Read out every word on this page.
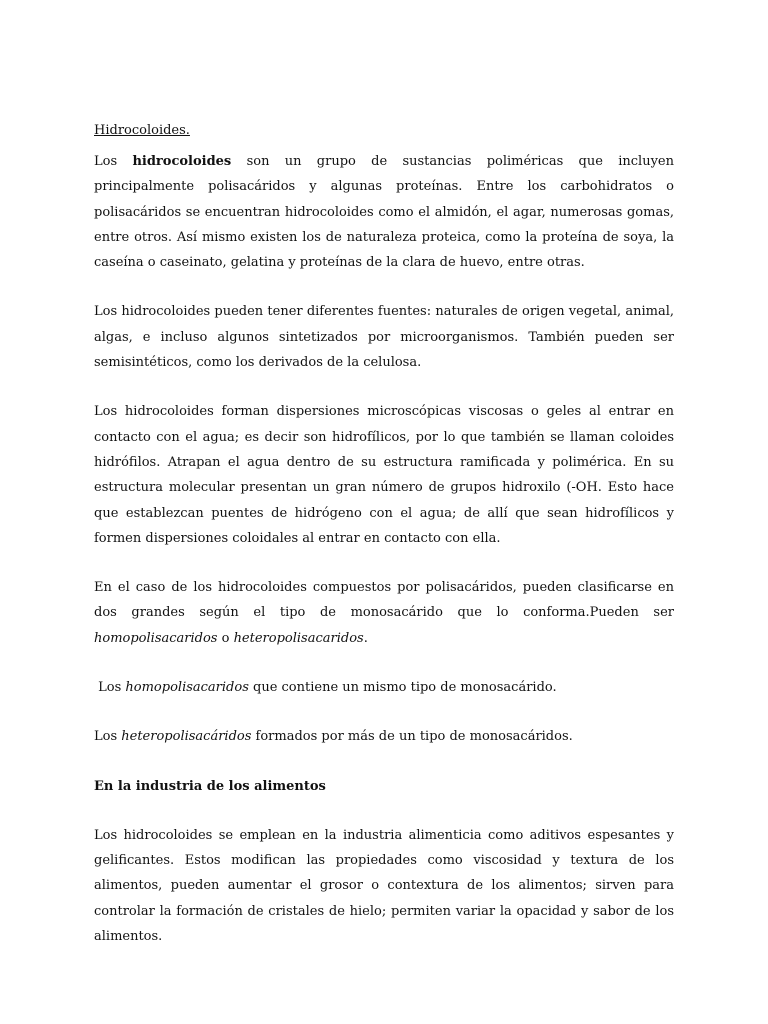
Hidrocoloides.

Los hidrocoloides son un grupo de sustancias poliméricas que incluyen principalmente polisacáridos y algunas proteínas. Entre los carbohidratos o polisacáridos se encuentran hidrocoloides como el almidón, el agar, numerosas gomas, entre otros. Así mismo existen los de naturaleza proteica, como la proteína de soya, la caseína o caseinato, gelatina y proteínas de la clara de huevo, entre otras.

Los hidrocoloides pueden tener diferentes fuentes: naturales de origen vegetal, animal, algas, e incluso algunos sintetizados por microorganismos. También pueden ser semisintéticos, como los derivados de la celulosa.

Los hidrocoloides forman dispersiones microscópicas viscosas o geles al entrar en contacto con el agua; es decir son hidrofílicos, por lo que también se llaman coloides hidrófilos. Atrapan el agua dentro de su estructura ramificada y polimérica. En su estructura molecular presentan un gran número de grupos hidroxilo (-OH. Esto hace que establezcan puentes de hidrógeno con el agua; de allí que sean hidrofílicos y formen dispersiones coloidales al entrar en contacto con ella.

En el caso de los hidrocoloides compuestos por polisacáridos, pueden clasificarse en dos grandes según el tipo de monosacárido que lo conforma.Pueden ser homopolisacaridos o heteropolisacaridos.

Los homopolisacaridos que contiene un mismo tipo de monosacárido.

Los heteropolisacáridos formados por más de un tipo de monosacáridos.

En la industria de los alimentos

Los hidrocoloides se emplean en la industria alimenticia como aditivos espesantes y gelificantes. Estos modifican las propiedades como viscosidad y textura de los alimentos, pueden aumentar el grosor o contextura de los alimentos; sirven para controlar la formación de cristales de hielo; permiten variar la opacidad y sabor de los alimentos.
